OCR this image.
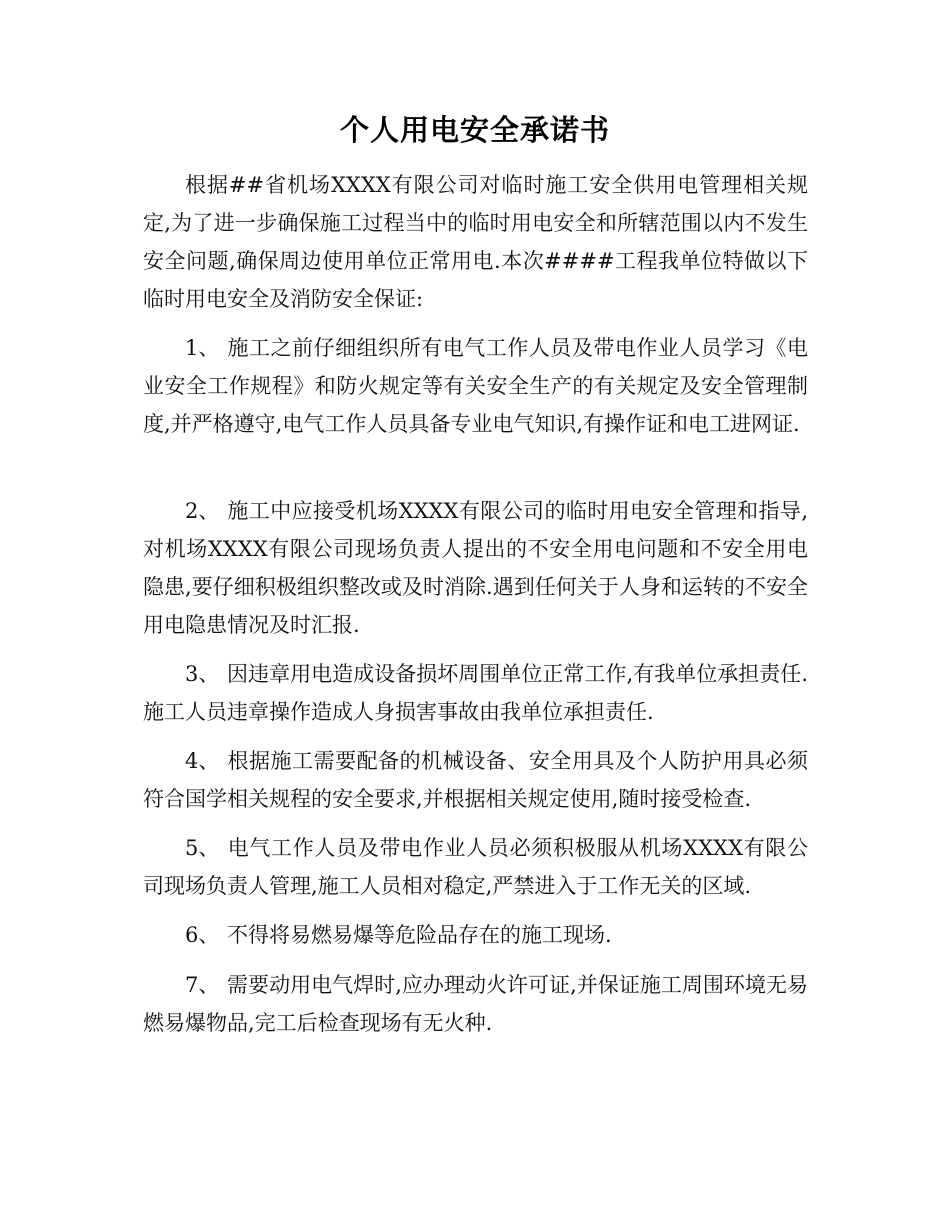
个人用电安全承诺书

根据##省机场XXXX有限公司对临时施工安全供用电管理相关规定,为了进一步确保施工过程当中的临时用电安全和所辖范围以内不发生安全问题,确保周边使用单位正常用电.本次####工程我单位特做以下临时用电安全及消防安全保证:

1、 施工之前仔细组织所有电气工作人员及带电作业人员学习《电业安全工作规程》和防火规定等有关安全生产的有关规定及安全管理制度,并严格遵守,电气工作人员具备专业电气知识,有操作证和电工进网证.

2、 施工中应接受机场XXXX有限公司的临时用电安全管理和指导,对机场XXXX有限公司现场负责人提出的不安全用电问题和不安全用电隐患,要仔细积极组织整改或及时消除.遇到任何关于人身和运转的不安全用电隐患情况及时汇报.

3、 因违章用电造成设备损坏周围单位正常工作,有我单位承担责任.施工人员违章操作造成人身损害事故由我单位承担责任.

4、 根据施工需要配备的机械设备、安全用具及个人防护用具必须符合国学相关规程的安全要求,并根据相关规定使用,随时接受检查.

5、 电气工作人员及带电作业人员必须积极服从机场XXXX有限公司现场负责人管理,施工人员相对稳定,严禁进入于工作无关的区域.

6、 不得将易燃易爆等危险品存在的施工现场.

7、 需要动用电气焊时,应办理动火许可证,并保证施工周围环境无易燃易爆物品,完工后检查现场有无火种.
